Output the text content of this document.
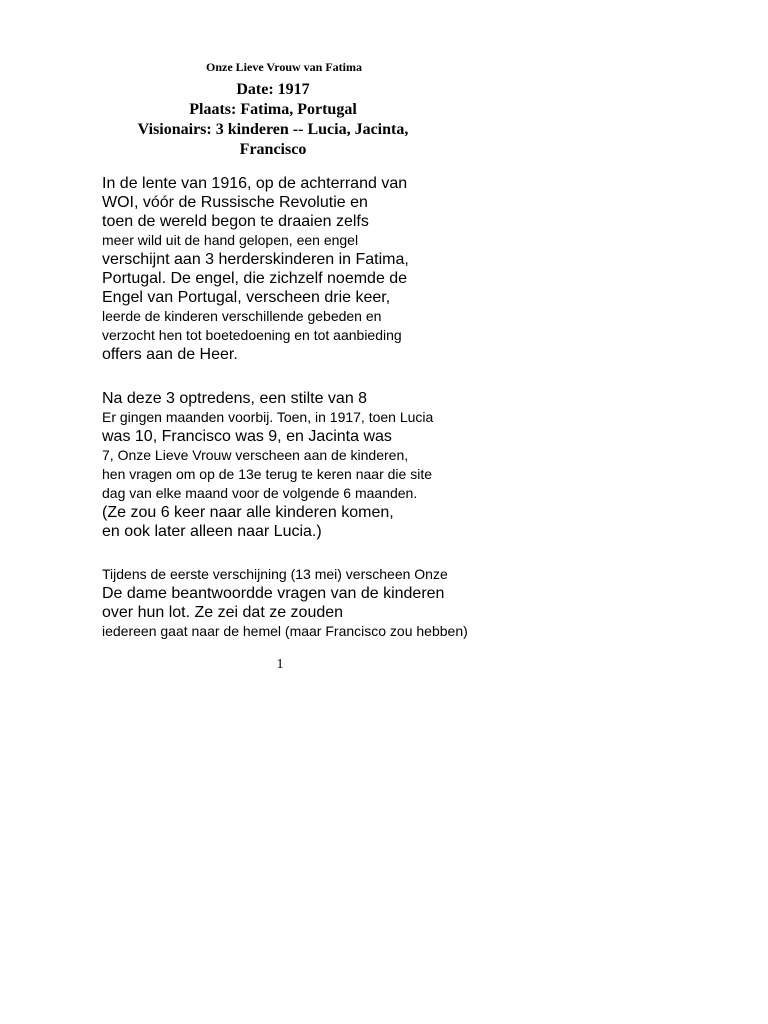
Onze Lieve Vrouw van Fatima
Date: 1917
Plaats: Fatima, Portugal
Visionairs: 3 kinderen -- Lucia, Jacinta,
Francisco
In de lente van 1916, op de achterrand van
WOI, vóór de Russische Revolutie en
toen de wereld begon te draaien zelfs
meer wild uit de hand gelopen, een engel
verschijnt aan 3 herderskinderen in Fatima,
Portugal. De engel, die zichzelf noemde de
Engel van Portugal, verscheen drie keer,
leerde de kinderen verschillende gebeden en
verzocht hen tot boetedoening en tot aanbieding
offers aan de Heer.
Na deze 3 optredens, een stilte van 8
Er gingen maanden voorbij. Toen, in 1917, toen Lucia
was 10, Francisco was 9, en Jacinta was
7, Onze Lieve Vrouw verscheen aan de kinderen,
hen vragen om op de 13e terug te keren naar die site
dag van elke maand voor de volgende 6 maanden.
(Ze zou 6 keer naar alle kinderen komen,
en ook later alleen naar Lucia.)
Tijdens de eerste verschijning (13 mei) verscheen Onze
De dame beantwoordde vragen van de kinderen
over hun lot. Ze zei dat ze zouden
iedereen gaat naar de hemel (maar Francisco zou hebben)
1
